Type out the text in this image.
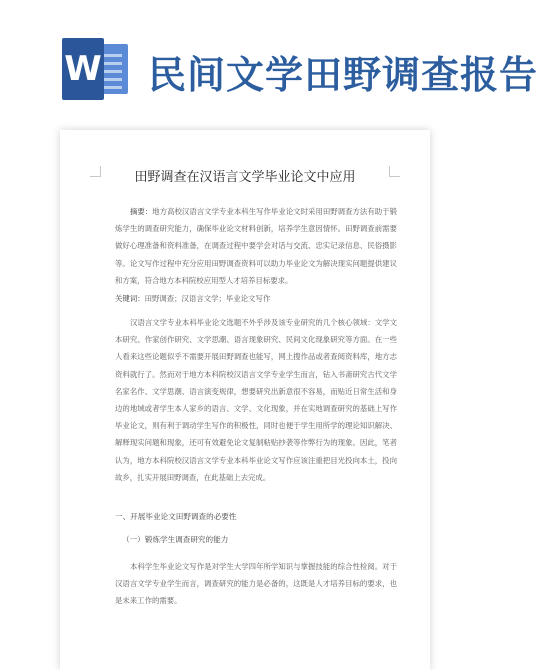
W 民间文学田野调查报告
田野调查在汉语言文学毕业论文中应用
摘要：地方高校汉语言文学专业本科生写作毕业论文时采用田野调查方法有助于锻炼学生的调查研究能力，确保毕业论文材料创新，培养学生意因情怀。田野调查前需要做好心理准备和资料准备，在调查过程中要学会对话与交流、忠实记录信息、民俗摄影等。论文写作过程中充分应用田野调查资料可以助力毕业论文为解决现实问题提供建议和方案，符合地方本科院校应用型人才培养目标要求。
关键词：田野调查；汉语言文学；毕业论文写作
汉语言文学专业本科毕业论文选题不外乎涉及该专业研究的几个核心领域：文学文本研究、作家创作研究、文学思潮、语言现象研究、民间文化现象研究等方面。在一些人看来这些论题似乎不需要开展田野调查也能写，网上搜作品或者查阅资料库，地方志资料就行了。然而对于地方本科院校汉语言文学专业学生而言，钻入书斋研究古代文学名家名作、文学思潮、语言演变规律，想要研究出新意很不容易，而贴近日常生活和身边的地域或者学生本人家乡的语言、文学、文化现象，并在实地调查研究的基础上写作毕业论文，则有利于调动学生写作的积极性，同时也便于学生用所学的理论知识解决、解释现实问题和现象，还可有效避免论文复制粘贴抄袭等作弊行为的现象。因此，笔者认为，地方本科院校汉语言文学专业本科毕业论文写作应该注重把目光投向本土，投向故乡，扎实开展田野调查，在此基础上去完成。
一、开展毕业论文田野调查的必要性
（一）锻炼学生调查研究的能力
本科学生毕业论文写作是对学生大学四年所学知识与掌握技能的综合性检阅。对于汉语言文学专业学生而言，调查研究的能力是必备的，这既是人才培养目标的要求，也是未来工作的需要。
